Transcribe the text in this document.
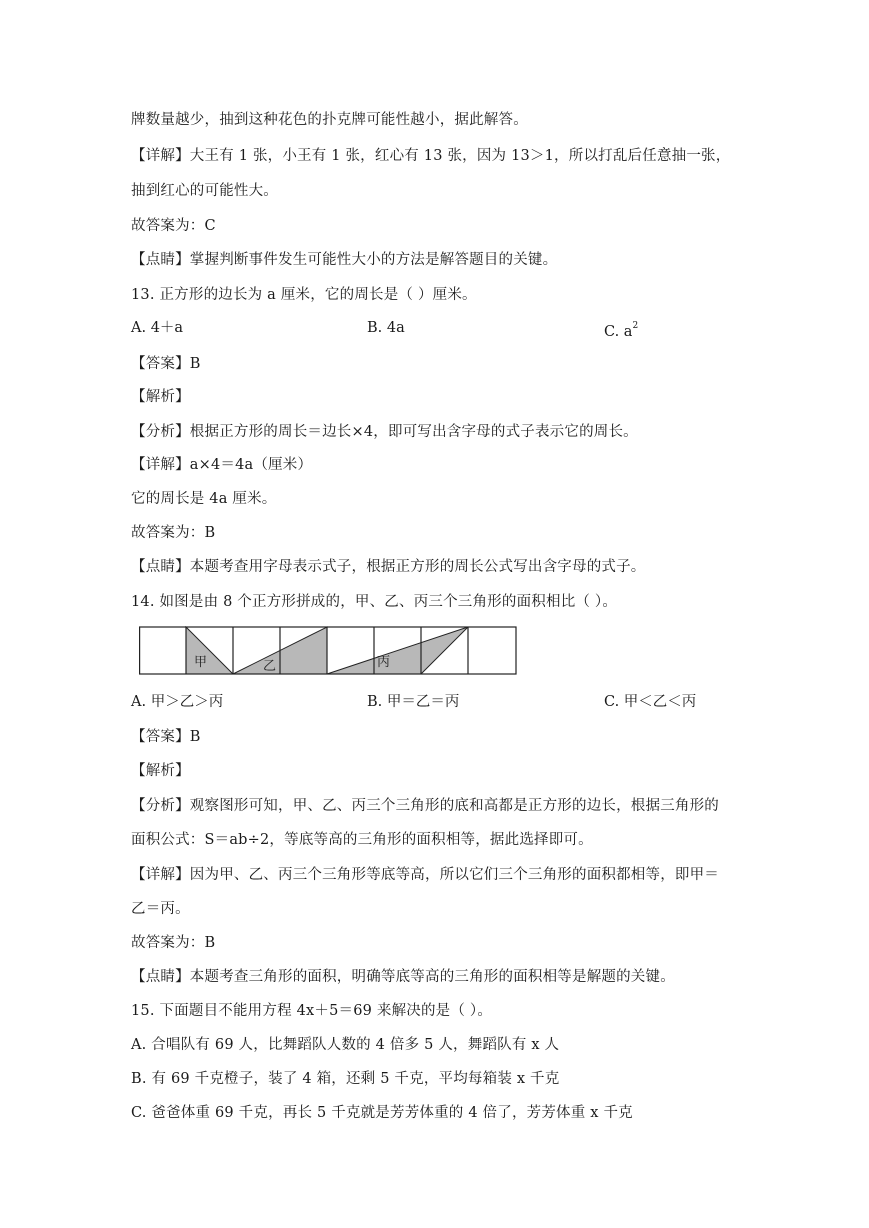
牌数量越少，抽到这种花色的扑克牌可能性越小，据此解答。
【详解】大王有 1 张，小王有 1 张，红心有 13 张，因为 13＞1，所以打乱后任意抽一张，
抽到红心的可能性大。
故答案为：C
【点睛】掌握判断事件发生可能性大小的方法是解答题目的关键。
13. 正方形的边长为 a 厘米，它的周长是（ ）厘米。
A. 4＋a	B. 4a	C. $a^2$
【答案】B
【解析】
【分析】根据正方形的周长＝边长×4，即可写出含字母的式子表示它的周长。
【详解】a×4＝4a（厘米）
它的周长是 4a 厘米。
故答案为：B
【点睛】本题考查用字母表示式子，根据正方形的周长公式写出含字母的式子。
14. 如图是由 8 个正方形拼成的，甲、乙、丙三个三角形的面积相比（ ）。
甲	乙	丙
A. 甲＞乙＞丙	B. 甲＝乙＝丙	C. 甲＜乙＜丙
【答案】B
【解析】
【分析】观察图形可知，甲、乙、丙三个三角形的底和高都是正方形的边长，根据三角形的
面积公式：S＝ab÷2，等底等高的三角形的面积相等，据此选择即可。
【详解】因为甲、乙、丙三个三角形等底等高，所以它们三个三角形的面积都相等，即甲＝
乙＝丙。
故答案为：B
【点睛】本题考查三角形的面积，明确等底等高的三角形的面积相等是解题的关键。
15. 下面题目不能用方程 4x＋5＝69 来解决的是（ ）。
A. 合唱队有 69 人，比舞蹈队人数的 4 倍多 5 人，舞蹈队有 x 人
B. 有 69 千克橙子，装了 4 箱，还剩 5 千克，平均每箱装 x 千克
C. 爸爸体重 69 千克，再长 5 千克就是芳芳体重的 4 倍了，芳芳体重 x 千克
